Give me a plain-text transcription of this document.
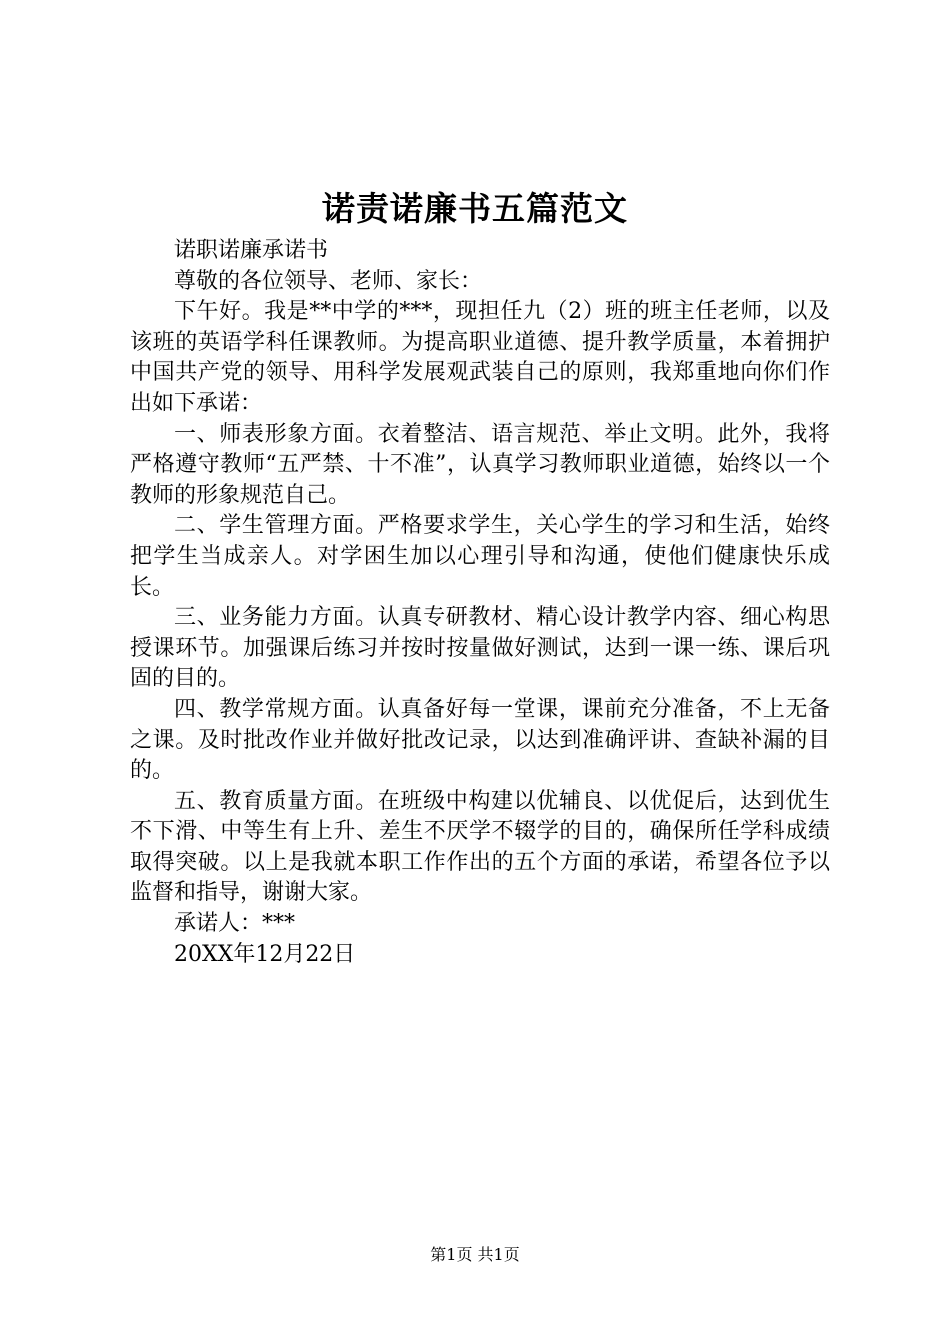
诺责诺廉书五篇范文

诺职诺廉承诺书

尊敬的各位领导、老师、家长：

下午好。我是**中学的***，现担任九（2）班的班主任老师，以及该班的英语学科任课教师。为提高职业道德、提升教学质量，本着拥护中国共产党的领导、用科学发展观武装自己的原则，我郑重地向你们作出如下承诺：

一、师表形象方面。衣着整洁、语言规范、举止文明。此外，我将严格遵守教师“五严禁、十不准”，认真学习教师职业道德，始终以一个教师的形象规范自己。

二、学生管理方面。严格要求学生，关心学生的学习和生活，始终把学生当成亲人。对学困生加以心理引导和沟通，使他们健康快乐成长。

三、业务能力方面。认真专研教材、精心设计教学内容、细心构思授课环节。加强课后练习并按时按量做好测试，达到一课一练、课后巩固的目的。

四、教学常规方面。认真备好每一堂课，课前充分准备，不上无备之课。及时批改作业并做好批改记录，以达到准确评讲、查缺补漏的目的。

五、教育质量方面。在班级中构建以优辅良、以优促后，达到优生不下滑、中等生有上升、差生不厌学不辍学的目的，确保所任学科成绩取得突破。以上是我就本职工作作出的五个方面的承诺，希望各位予以监督和指导，谢谢大家。

承诺人：***

20XX年12月22日

第1页 共1页
